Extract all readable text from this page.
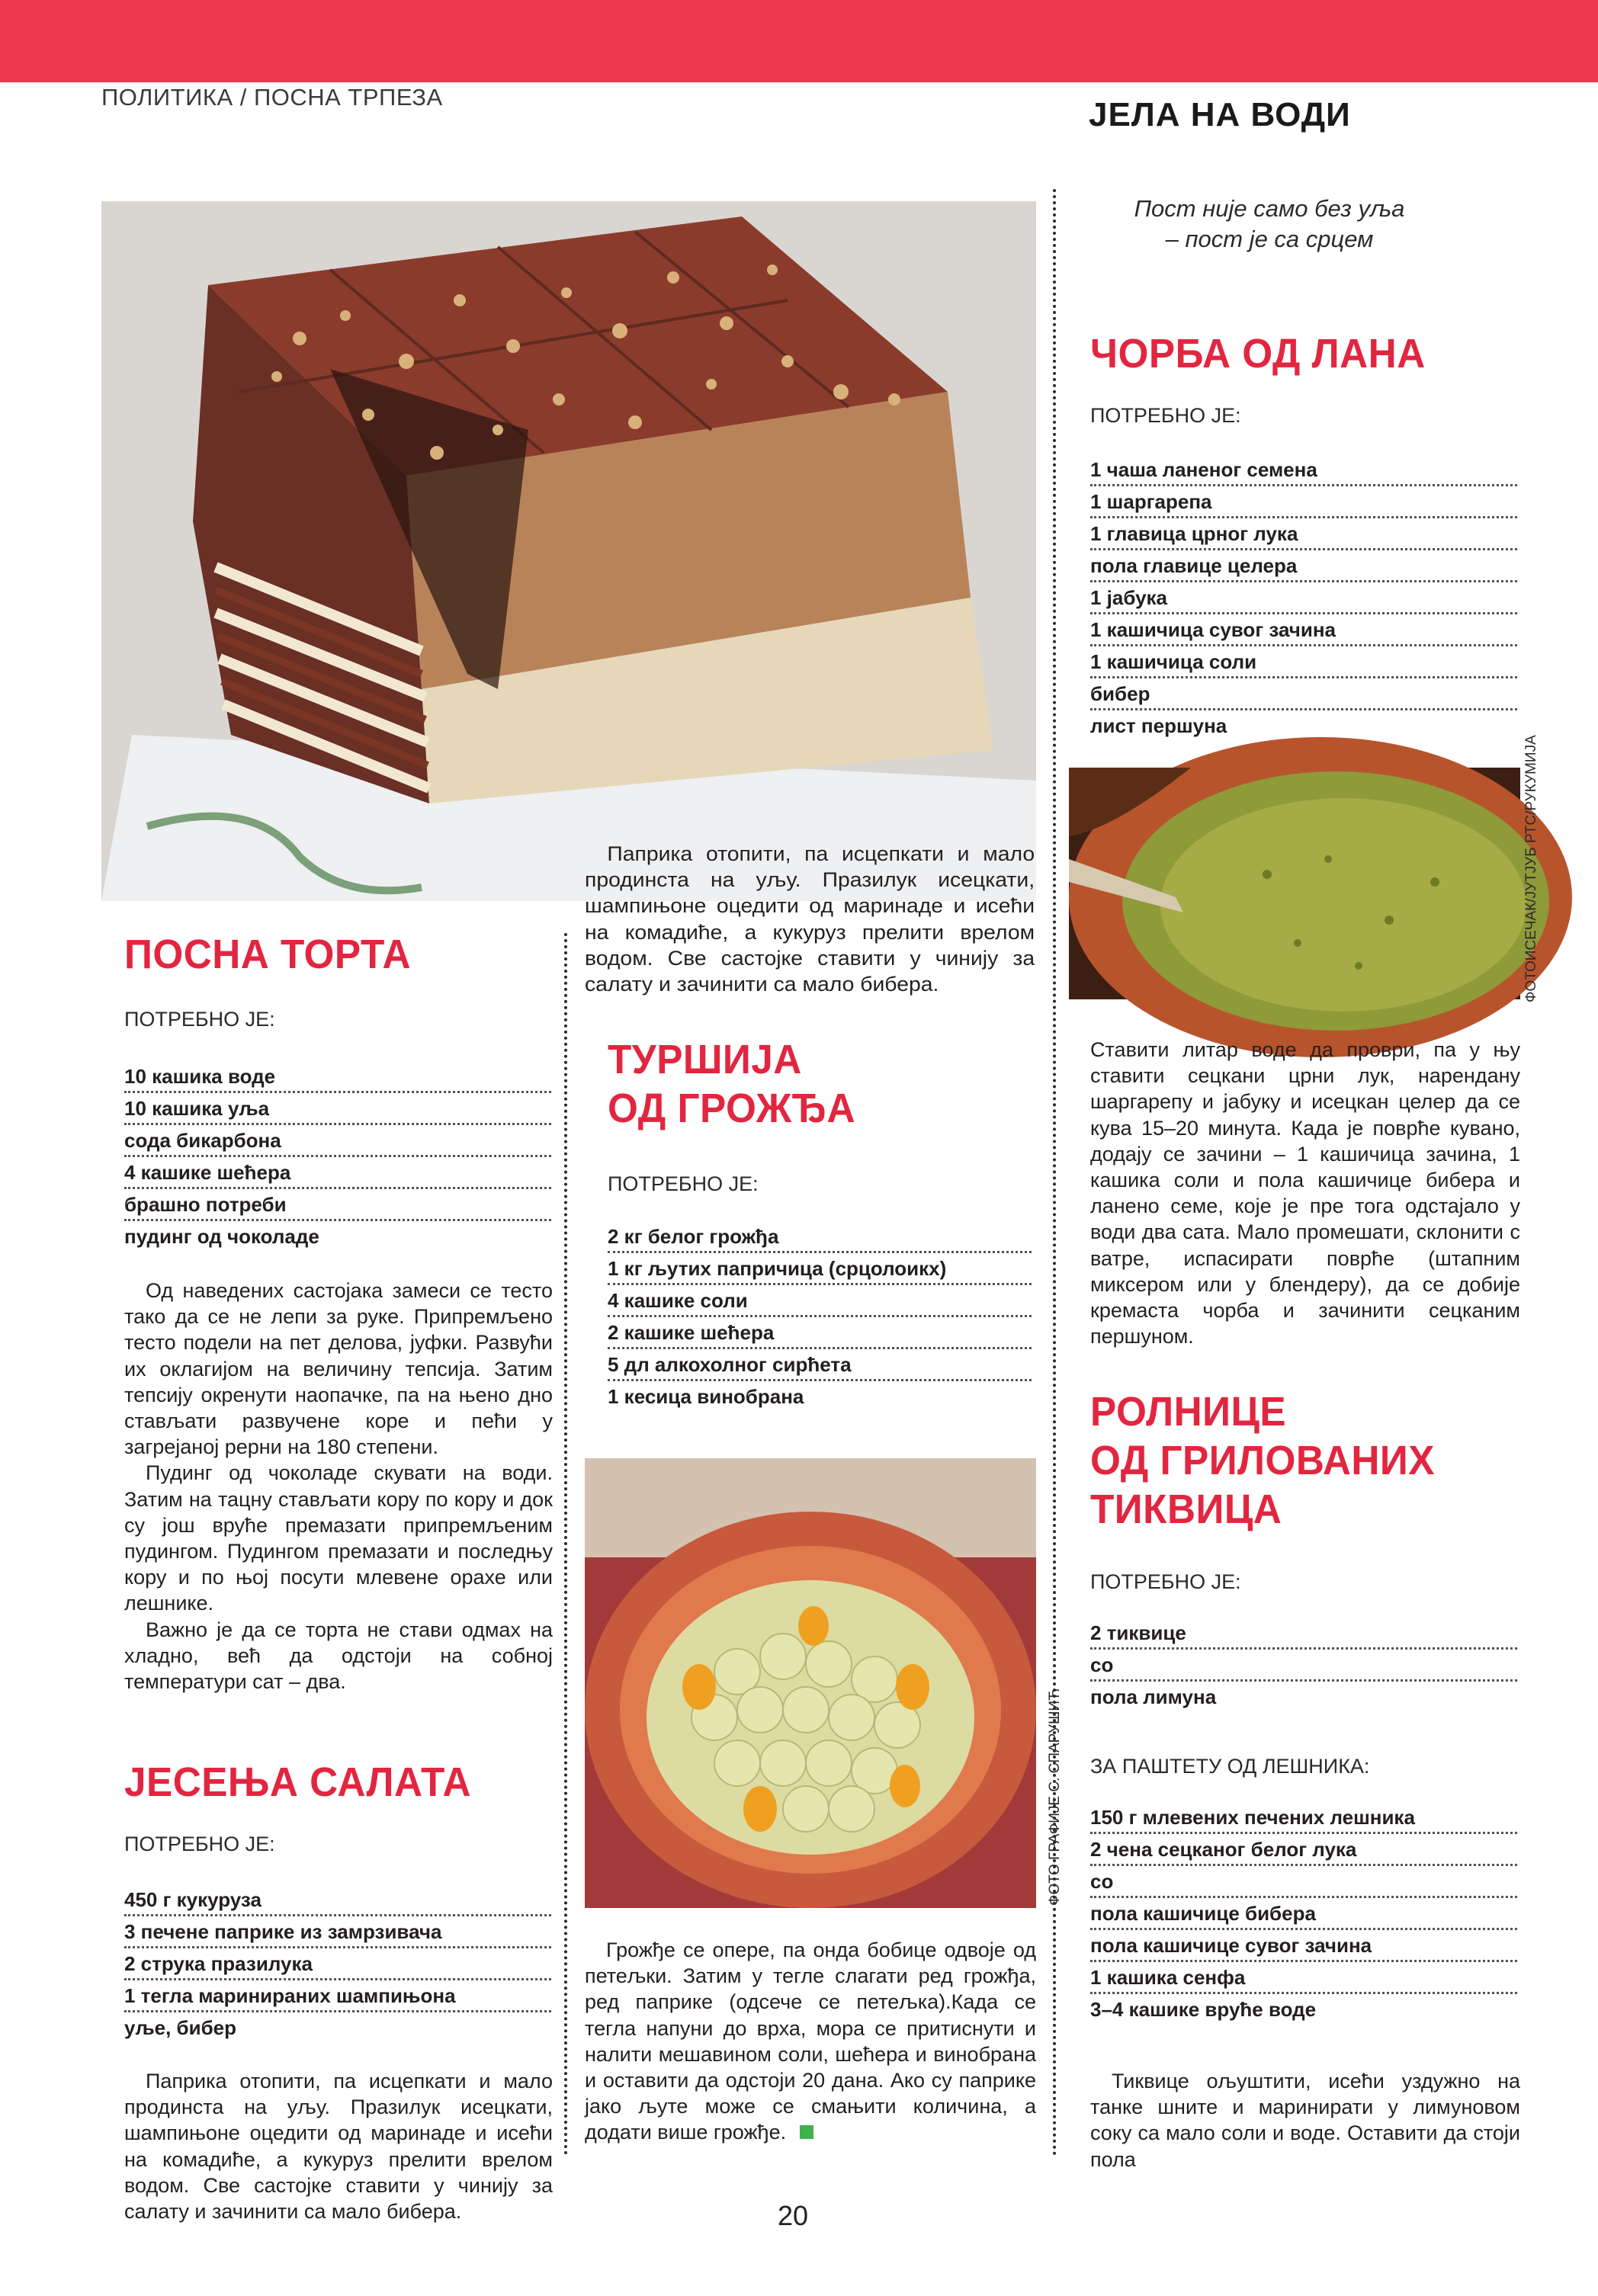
ПОЛИТИКА / ПОСНА ТРПЕЗА	ЈЕЛА НА ВОДИ
ФОТОИСЕЧАК/ЈУТЈУБ РТС/РУКУМИЈА
ФОТО ГРАФИЈЕ С. СПАРУШИЋ
Пост није само без уља
– пост је са срцем
ПОСНА ТОРТА
ПОТРЕБНО ЈЕ:
10 кашика воде
10 кашика уља
сода бикарбона
4 кашике шећера
брашно потреби
пудинг од чоколаде

Од наведених састојака замеси се тесто тако да се не лепи за руке. Припремљено тесто подели на пет делова, јуфки. Развући их оклагијом на величину тепсија. Затим тепсију окренути наопачке, па на њено дно стављати развучене коре и пећи у загрејаној рерни на 180 степени.

Пудинг од чоколаде скувати на води. Затим на тацну стављати кору по кору и док су још вруће премазати припремљеним пудингом. Пудингом премазати и последњу кору и по њој посути млевене орахе или лешнике.

Важно је да се торта не стави одмах на хладно, већ да одстоји на собној температури сат – два.

ЈЕСЕЊА САЛАТА
ПОТРЕБНО ЈЕ:
450 г кукуруза
3 печене паприке из замрзивача
2 струка празилука
1 тегла маринираних шампињона
уље, бибер

Паприка отопити, па исцепкати и мало продинста на уљу. Празилук исецкати, шампињоне оцедити од маринаде и исећи на комадиће, а кукуруз прелити врелом водом. Све састојке ставити у чинију за салату и зачинити са мало бибера.

Паприка отопити, па исцепкати и мало продинста на уљу. Празилук исецкати, шампињоне оцедити од маринаде и исећи на комадиће, а кукуруз прелити врелом водом. Све састојке ставити у чинију за салату и зачинити са мало бибера.
ТУРШИЈА
ОД ГРОЖЂА
ПОТРЕБНО ЈЕ:
2 кг белог грожђа
1 кг љутих папричица (срцолоикх)
4 кашике соли
2 кашике шећера
5 дл алкохолног сирћета
1 кесица винобрана

Грожђе се опере, па онда бобице одвоје од петељки. Затим у тегле слагати ред грожђа, ред паприке (одсече се петељка).Када се тегла напуни до врха, мора се притиснути и налити мешавином соли, шећера и винобрана и оставити да одстоји 20 дана. Ако су паприке јако љуте може се смањити количина, а додати више грожђе.

ЧОРБА ОД ЛАНА
ПОТРЕБНО ЈЕ:
1 чаша ланеног семена
1 шаргарепа
1 главица црног лука
пола главице целера
1 јабука
1 кашичица сувог зачина
1 кашичица соли
бибер
лист першуна

Ставити литар воде да проври, па у њу ставити сецкани црни лук, нарендану шаргарепу и јабуку и исецкан целер да се кува 15–20 минута. Када је поврће кувано, додају се зачини – 1 кашичица зачина, 1 кашика соли и пола кашичице бибера и ланено семе, које је пре тога одстајало у води два сата. Мало промешати, склонити с ватре, испасирати поврће (штапним миксером или у блендеру), да се добије кремаста чорба и зачинити сецканим першуном.

РОЛНИЦЕ
ОД ГРИЛОВАНИХ
ТИКВИЦА
ПОТРЕБНО ЈЕ:
2 тиквице
со
пола лимуна
ЗА ПАШТЕТУ ОД ЛЕШНИКА:
150 г млевених печених лешника
2 чена сецканог белог лука
со
пола кашичице бибера
пола кашичице сувог зачина
1 кашика сенфа
3–4 кашике вруће воде

Тиквице ољуштити, исећи уздужно на танке шните и маринирати у лимуновом соку са мало соли и воде. Оставити да стоји пола

20
